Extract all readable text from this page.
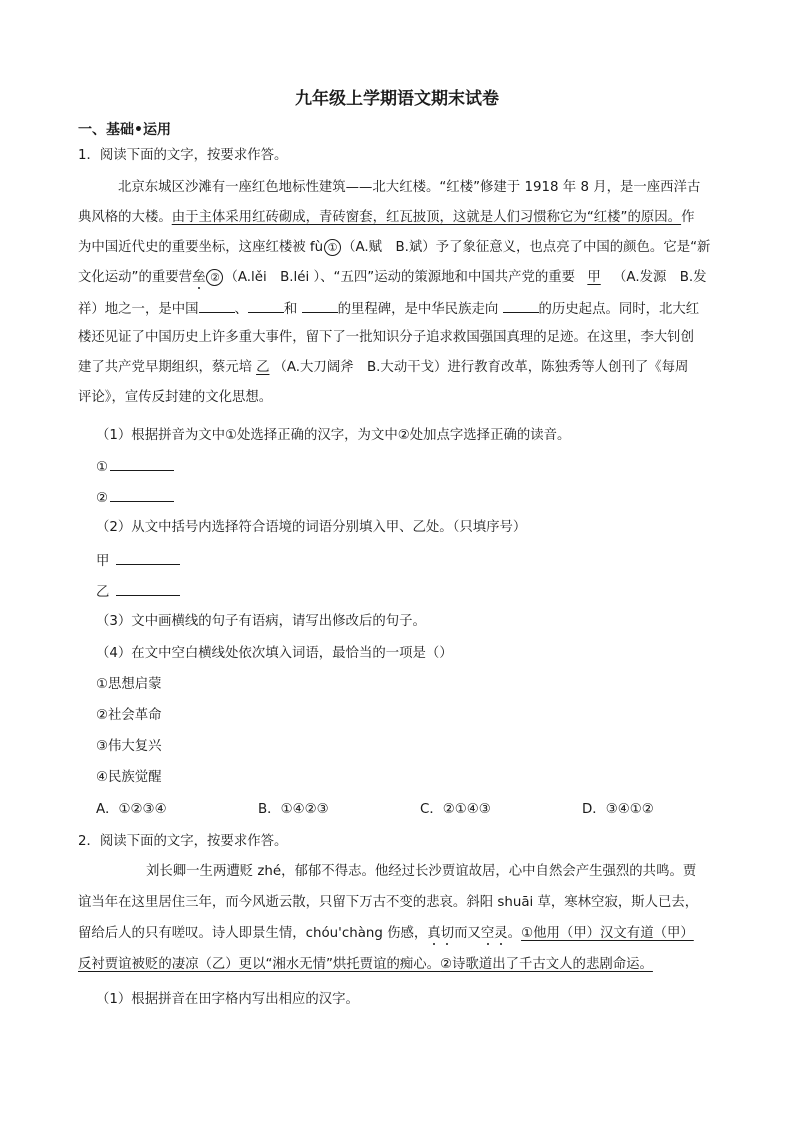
九年级上学期语文期末试卷
一、基础•运用
1．阅读下面的文字，按要求作答。
北京东城区沙滩有一座红色地标性建筑——北大红楼。“红楼”修建于 1918 年 8 月，是一座西洋古
典风格的大楼。由于主体采用红砖砌成，青砖窗套，红瓦披顶，这就是人们习惯称它为“红楼”的原因。作
为中国近代史的重要坐标，这座红楼被 fù ① （A.赋　B.斌）予了象征意义，也点亮了中国的颜色。它是“新
文化运动”的重要营垒 ② （A.lěi　B.léi ）、“五四”运动的策源地和中国共产党的重要 甲 （A.发源　B.发
祥）地之一，是中国	、	和	的里程碑，是中华民族走向	的历史起点。同时，北大红
楼还见证了中国历史上许多重大事件，留下了一批知识分子追求救国强国真理的足迹。在这里，李大钊创
建了共产党早期组织，蔡元培 乙 （A.大刀阔斧　B.大动干戈）进行教育改革，陈独秀等人创刊了《每周
评论》，宣传反封建的文化思想。
（1）根据拼音为文中①处选择正确的汉字，为文中②处加点字选择正确的读音。
①
②
（2）从文中括号内选择符合语境的词语分别填入甲、乙处。（只填序号）
甲
乙
（3）文中画横线的句子有语病，请写出修改后的句子。
（4）在文中空白横线处依次填入词语，最恰当的一项是（）
①思想启蒙
②社会革命
③伟大复兴
④民族觉醒
A．①②③④	B．①④②③	C．②①④③	D．③④①②
2．阅读下面的文字，按要求作答。
刘长卿一生两遭贬 zhé，郁郁不得志。他经过长沙贾谊故居，心中自然会产生强烈的共鸣。贾
谊当年在这里居住三年，而今风逝云散，只留下万古不变的悲哀。斜阳 shuāi 草，寒林空寂，斯人已去，
留给后人的只有嗟叹。诗人即景生情，chóu'chàng 伤感，真切而又空灵。①他用（甲）汉文有道（甲）
反衬贾谊被贬的凄凉（乙）更以“湘水无情”烘托贾谊的痴心。②诗歌道出了千古文人的悲剧命运。
（1）根据拼音在田字格内写出相应的汉字。
